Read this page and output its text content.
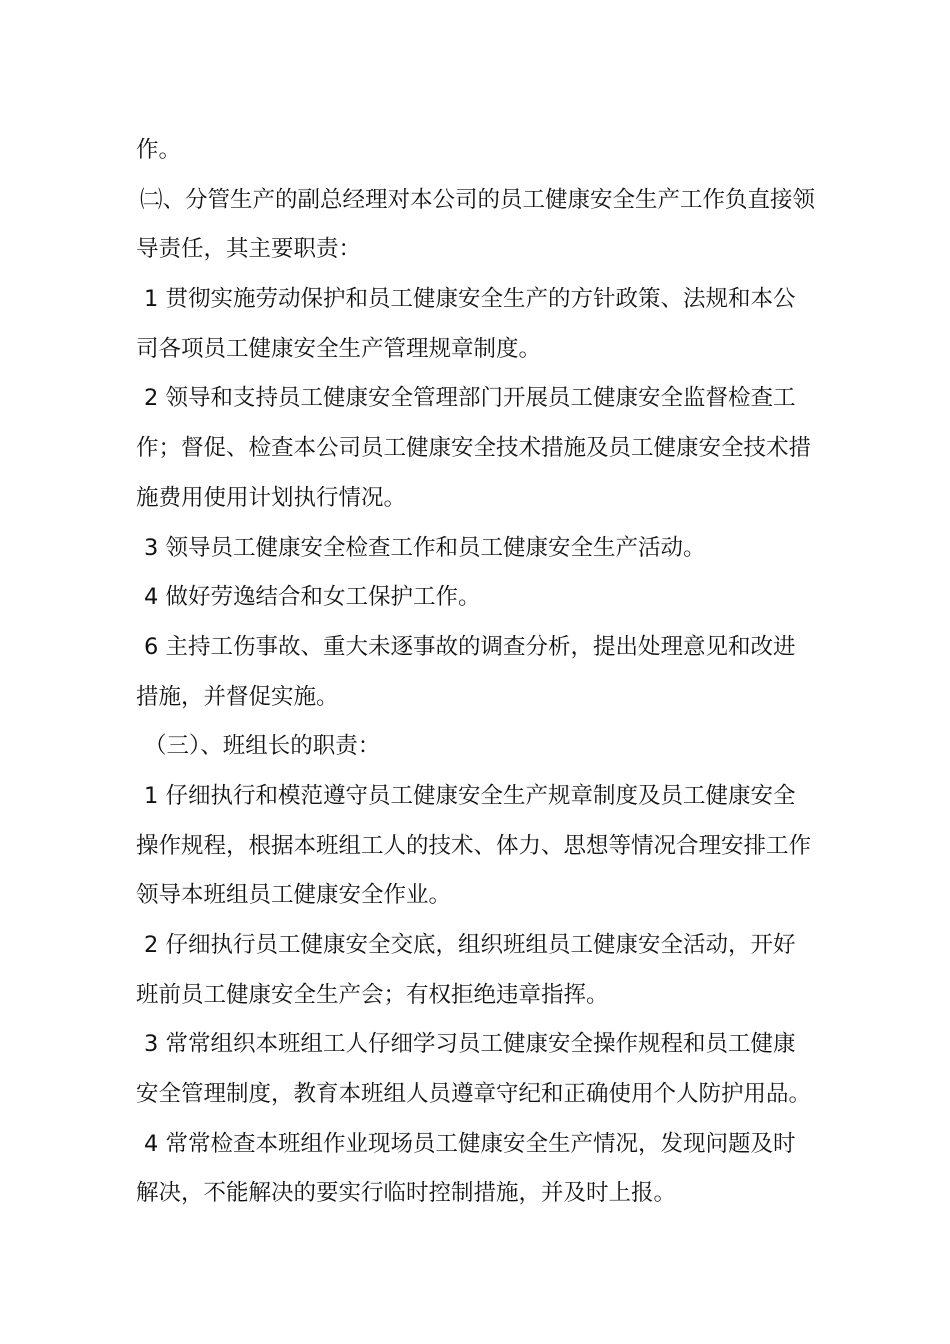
作。
㈡、分管生产的副总经理对本公司的员工健康安全生产工作负直接领
导责任，其主要职责：
1 贯彻实施劳动保护和员工健康安全生产的方针政策、法规和本公
司各项员工健康安全生产管理规章制度。
2 领导和支持员工健康安全管理部门开展员工健康安全监督检查工
作；督促、检查本公司员工健康安全技术措施及员工健康安全技术措
施费用使用计划执行情况。
3 领导员工健康安全检查工作和员工健康安全生产活动。
4 做好劳逸结合和女工保护工作。
6 主持工伤事故、重大未逐事故的调查分析，提出处理意见和改进
措施，并督促实施。
（三）、班组长的职责：
1 仔细执行和模范遵守员工健康安全生产规章制度及员工健康安全
操作规程，根据本班组工人的技术、体力、思想等情况合理安排工作
领导本班组员工健康安全作业。
2 仔细执行员工健康安全交底，组织班组员工健康安全活动，开好
班前员工健康安全生产会；有权拒绝违章指挥。
3 常常组织本班组工人仔细学习员工健康安全操作规程和员工健康
安全管理制度，教育本班组人员遵章守纪和正确使用个人防护用品。
4 常常检查本班组作业现场员工健康安全生产情况，发现问题及时
解决，不能解决的要实行临时控制措施，并及时上报。
